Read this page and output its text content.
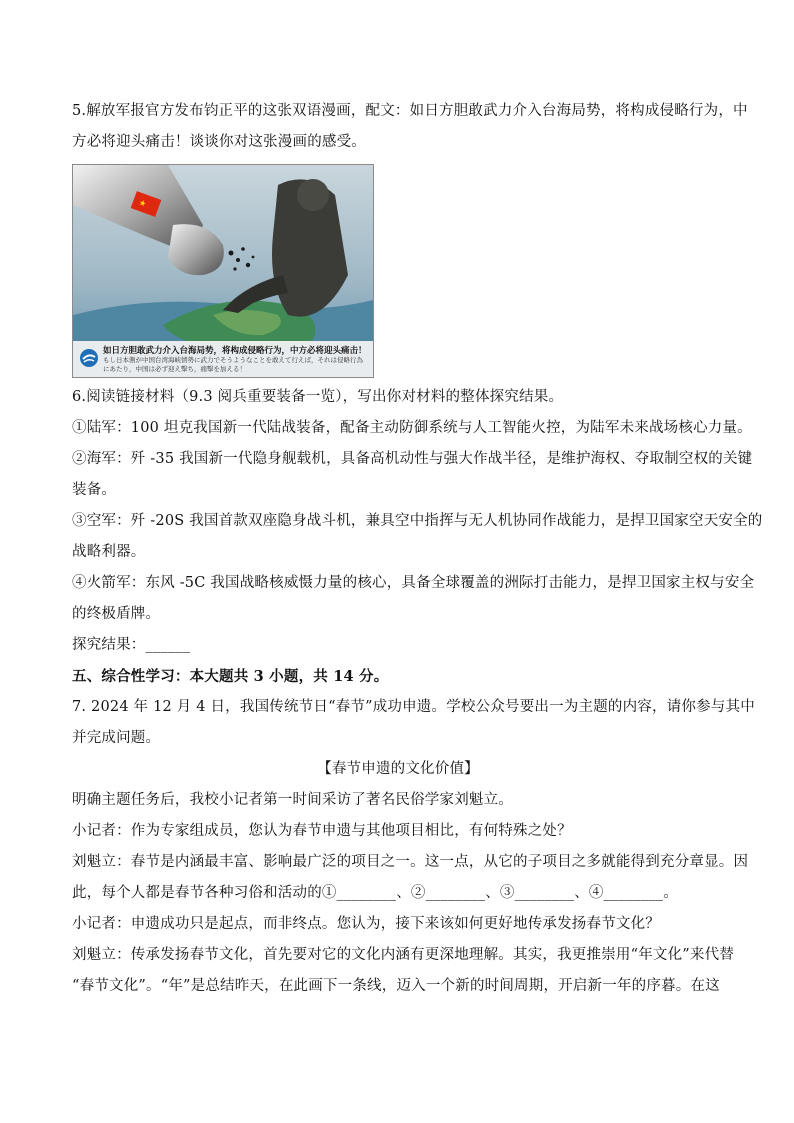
5.解放军报官方发布钧正平的这张双语漫画，配文：如日方胆敢武力介入台海局势，将构成侵略行为，中

方必将迎头痛击！谈谈你对这张漫画的感受。

★
如日方胆敢武力介入台海局势，将构成侵略行为，中方必将迎头痛击！
もし日本側が中国台湾海峡情勢に武力でそうようなことを敢えて行えば，それは侵略行為にあたり，中国は必ず迎え撃ち，痛撃を加える！

6.阅读链接材料（9.3 阅兵重要装备一览），写出你对材料的整体探究结果。

①陆军：100 坦克我国新一代陆战装备，配备主动防御系统与人工智能火控，为陆军未来战场核心力量。

②海军：歼 -35 我国新一代隐身舰载机，具备高机动性与强大作战半径，是维护海权、夺取制空权的关键

装备。

③空军：歼 -20S 我国首款双座隐身战斗机，兼具空中指挥与无人机协同作战能力，是捍卫国家空天安全的

战略利器。

④火箭军：东风 -5C 我国战略核威慑力量的核心，具备全球覆盖的洲际打击能力，是捍卫国家主权与安全

的终极盾牌。

探究结果：______

五、综合性学习：本大题共 3 小题，共 14 分。

7. 2024 年 12 月 4 日，我国传统节日“春节”成功申遗。学校公众号要出一为主题的内容，请你参与其中

并完成问题。

【春节申遗的文化价值】

明确主题任务后，我校小记者第一时间采访了著名民俗学家刘魁立。

小记者：作为专家组成员，您认为春节申遗与其他项目相比，有何特殊之处？

刘魁立：春节是内涵最丰富、影响最广泛的项目之一。这一点，从它的子项目之多就能得到充分章显。因

此，每个人都是春节各种习俗和活动的①________、②________、③________、④________。

小记者：申遗成功只是起点，而非终点。您认为，接下来该如何更好地传承发扬春节文化？

刘魁立：传承发扬春节文化，首先要对它的文化内涵有更深地理解。其实，我更推崇用“年文化”来代替

“春节文化”。“年”是总结昨天，在此画下一条线，迈入一个新的时间周期，开启新一年的序暮。在这
